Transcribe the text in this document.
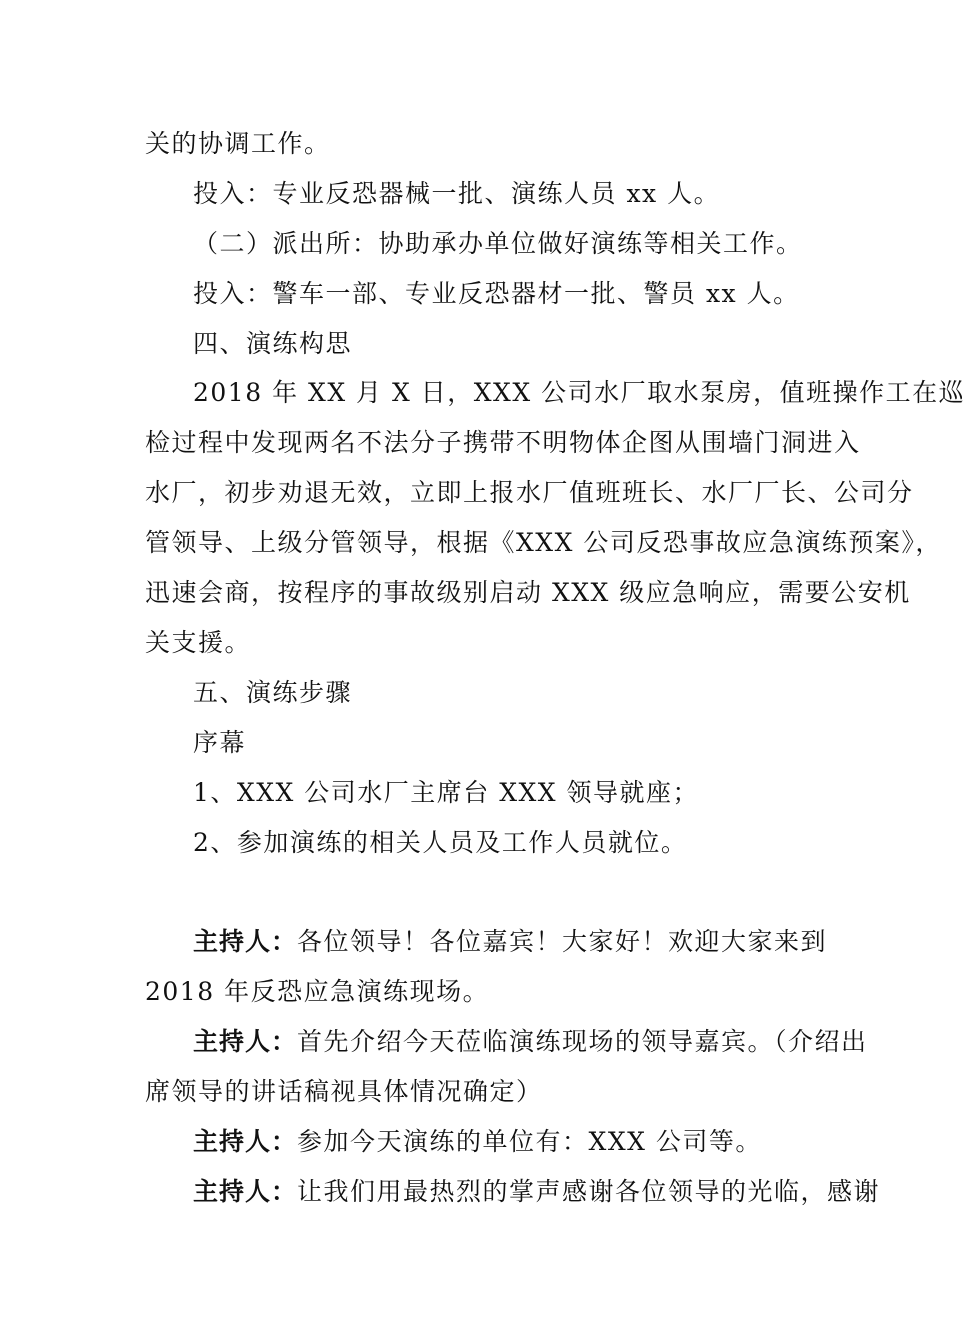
关的协调工作。
投入：专业反恐器械一批、演练人员 xx 人。
（二）派出所：协助承办单位做好演练等相关工作。
投入：警车一部、专业反恐器材一批、警员 xx 人。
四、演练构思
2018 年 XX 月 X 日，XXX 公司水厂取水泵房，值班操作工在巡
检过程中发现两名不法分子携带不明物体企图从围墙门洞进入
水厂，初步劝退无效，立即上报水厂值班班长、水厂厂长、公司分
管领导、上级分管领导，根据《XXX 公司反恐事故应急演练预案》，
迅速会商，按程序的事故级别启动 XXX 级应急响应，需要公安机
关支援。
五、演练步骤
序幕
1、XXX 公司水厂主席台 XXX 领导就座；
2、参加演练的相关人员及工作人员就位。
主持人：各位领导！各位嘉宾！大家好！欢迎大家来到
2018 年反恐应急演练现场。
主持人：首先介绍今天莅临演练现场的领导嘉宾。（介绍出
席领导的讲话稿视具体情况确定）
主持人：参加今天演练的单位有：XXX 公司等。
主持人：让我们用最热烈的掌声感谢各位领导的光临，感谢
